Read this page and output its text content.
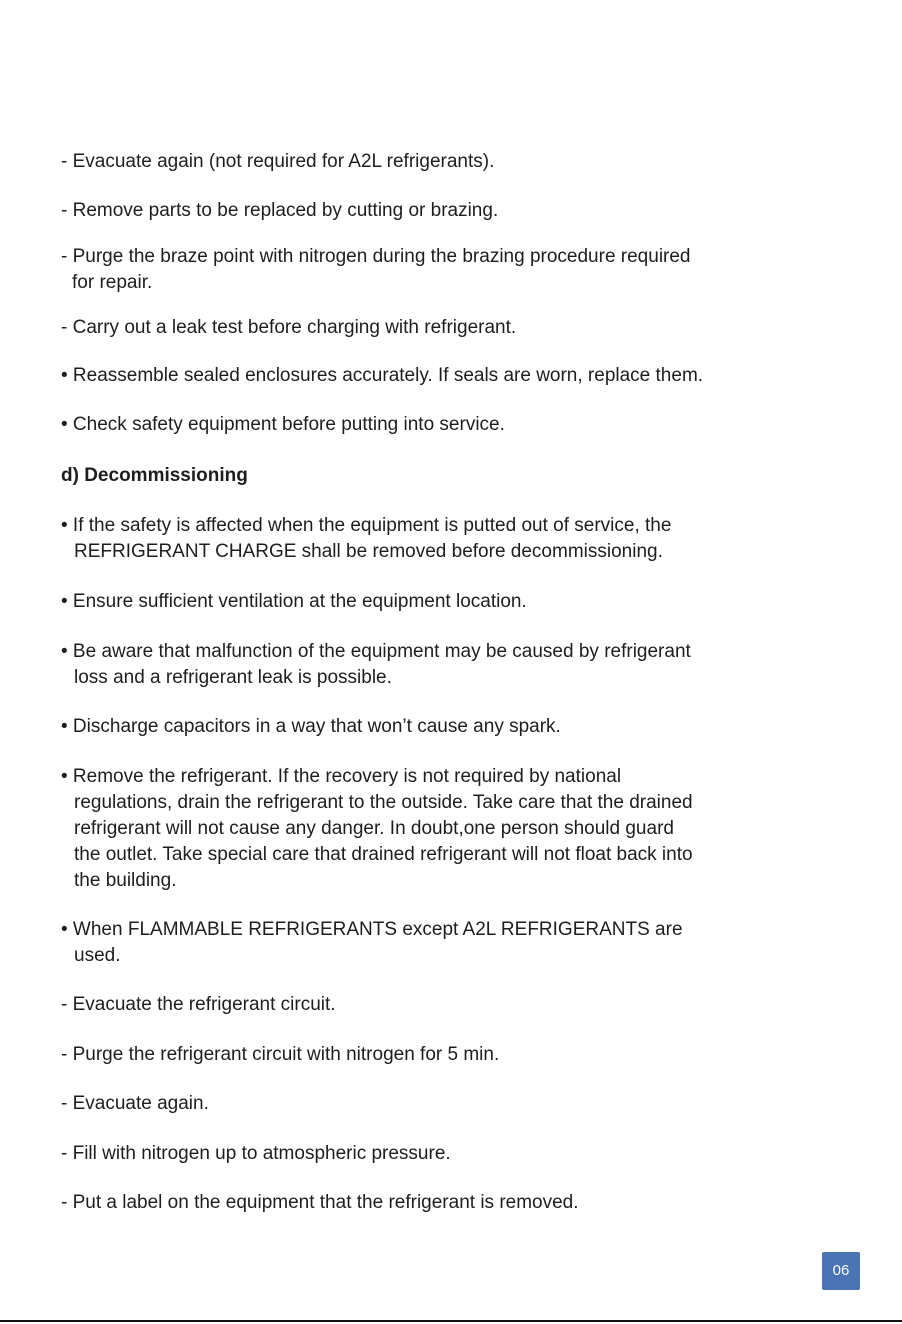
- Evacuate again (not required for A2L refrigerants).

- Remove parts to be replaced by cutting or brazing.

- Purge the braze point with nitrogen during the brazing procedure required
for repair.

- Carry out a leak test before charging with refrigerant.

• Reassemble sealed enclosures accurately. If seals are worn, replace them.

• Check safety equipment before putting into service.

d) Decommissioning

• If the safety is affected when the equipment is putted out of service, the
REFRIGERANT CHARGE shall be removed before decommissioning.

• Ensure sufficient ventilation at the equipment location.

• Be aware that malfunction of the equipment may be caused by refrigerant
loss and a refrigerant leak is possible.

• Discharge capacitors in a way that won’t cause any spark.

• Remove the refrigerant. If the recovery is not required by national
regulations, drain the refrigerant to the outside. Take care that the drained
refrigerant will not cause any danger. In doubt,one person should guard
the outlet. Take special care that drained refrigerant will not float back into
the building.

• When FLAMMABLE REFRIGERANTS except A2L REFRIGERANTS are
used.

- Evacuate the refrigerant circuit.

- Purge the refrigerant circuit with nitrogen for 5 min.

- Evacuate again.

- Fill with nitrogen up to atmospheric pressure.

- Put a label on the equipment that the refrigerant is removed.

06
